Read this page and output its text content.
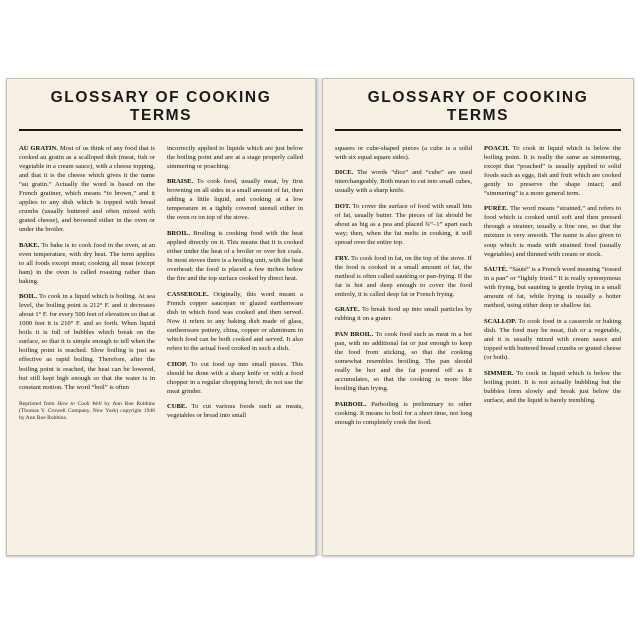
GLOSSARY OF COOKING TERMS

AU GRATIN. Most of us think of any food that is cooked au gratin as a scalloped dish (meat, fish or vegetable in a cream sauce), with a cheese topping, and that it is the cheese which gives it the name “au gratin.” Actually the word is based on the French gratiner, which means “to brown,” and it applies to any dish which is topped with bread crumbs (usually buttered and often mixed with grated cheese), and browned either in the oven or under the broiler.

BAKE. To bake is to cook food in the oven, at an even temperature, with dry heat. The term applies to all foods except meat; cooking all meat (except ham) in the oven is called roasting rather than baking.

BOIL. To cook in a liquid which is boiling. At sea level, the boiling point is 212° F. and it decreases about 1° F. for every 500 feet of elevation so that at 1000 feet it is 210° F. and so forth. When liquid boils it is full of bubbles which break on the surface, so that it is simple enough to tell when the boiling point is reached. Slow boiling is just as effective as rapid boiling. Therefore, after the boiling point is reached, the heat can be lowered, but still kept high enough so that the water is in constant motion. The word “boil” is often

Reprinted from How to Cook Well by Ann Roe Robbins (Thomas Y. Crowell Company, New York) copyright 1946 by Ann Roe Robbins.

incorrectly applied to liquids which are just below the boiling point and are at a stage properly called simmering or poaching.

BRAISE. To cook food, usually meat, by first browning on all sides in a small amount of fat, then adding a little liquid, and cooking at a low temperature in a tightly covered utensil either in the oven or on top of the stove.

BROIL. Broiling is cooking food with the heat applied directly on it. This means that it is cooked either under the heat of a broiler or over hot coals. In most stoves there is a broiling unit, with the heat overhead; the food is placed a few inches below the fire and the top surface cooked by direct heat.

CASSEROLE. Originally, this word meant a French copper saucepan or glazed earthenware dish in which food was cooked and then served. Now it refers to any baking dish made of glass, earthenware pottery, china, copper or aluminum in which food can be both cooked and served. It also refers to the actual food cooked in such a dish.

CHOP. To cut food up into small pieces. This should be done with a sharp knife or with a food chopper in a regular chopping bowl; do not use the meat grinder.

CUBE. To cut various foods such as meats, vegetables or bread into small

GLOSSARY OF COOKING TERMS

squares or cube-shaped pieces (a cube is a solid with six equal square sides).

DICE. The words “dice” and “cube” are used interchangeably. Both mean to cut into small cubes, usually with a sharp knife.

DOT. To cover the surface of food with small bits of fat, usually butter. The pieces of fat should be about as big as a pea and placed ¾”–1” apart each way; then, when the fat melts in cooking, it will spread over the entire top.

FRY. To cook food in fat, on the top of the stove. If the food is cooked in a small amount of fat, the method is often called sautéing or pan-frying. If the fat is hot and deep enough to cover the food entirely, it is called deep fat or French frying.

GRATE. To break food up into small particles by rubbing it on a grater.

PAN BROIL. To cook food such as meat in a hot pan, with no additional fat or just enough to keep the food from sticking, so that the cooking somewhat resembles broiling. The pan should really be hot and the fat poured off as it accumulates, so that the cooking is more like broiling than frying.

PARBOIL. Parboiling is preliminary to other cooking. It means to boil for a short time, not long enough to completely cook the food.

POACH. To cook in liquid which is below the boiling point. It is really the same as simmering, except that “poached” is usually applied to solid foods such as eggs, fish and fruit which are cooked gently to preserve the shape intact; and “simmering” is a more general term.

PURÉE. The word means “strained,” and refers to food which is cooked until soft and then pressed through a strainer, usually a fine one, so that the mixture is very smooth. The name is also given to soup which is made with strained food (usually vegetables) and thinned with cream or stock.

SAUTÉ. “Sauté” is a French word meaning “tossed in a pan” or “lightly fried.” It is really synonymous with frying, but sautéing is gentle frying in a small amount of fat, while frying is usually a hotter method, using either deep or shallow fat.

SCALLOP. To cook food in a casserole or baking dish. The food may be meat, fish or a vegetable, and it is usually mixed with cream sauce and topped with buttered bread crumbs or grated cheese (or both).

SIMMER. To cook in liquid which is below the boiling point. It is not actually bubbling but the bubbles form slowly and break just below the surface, and the liquid is barely trembling.
